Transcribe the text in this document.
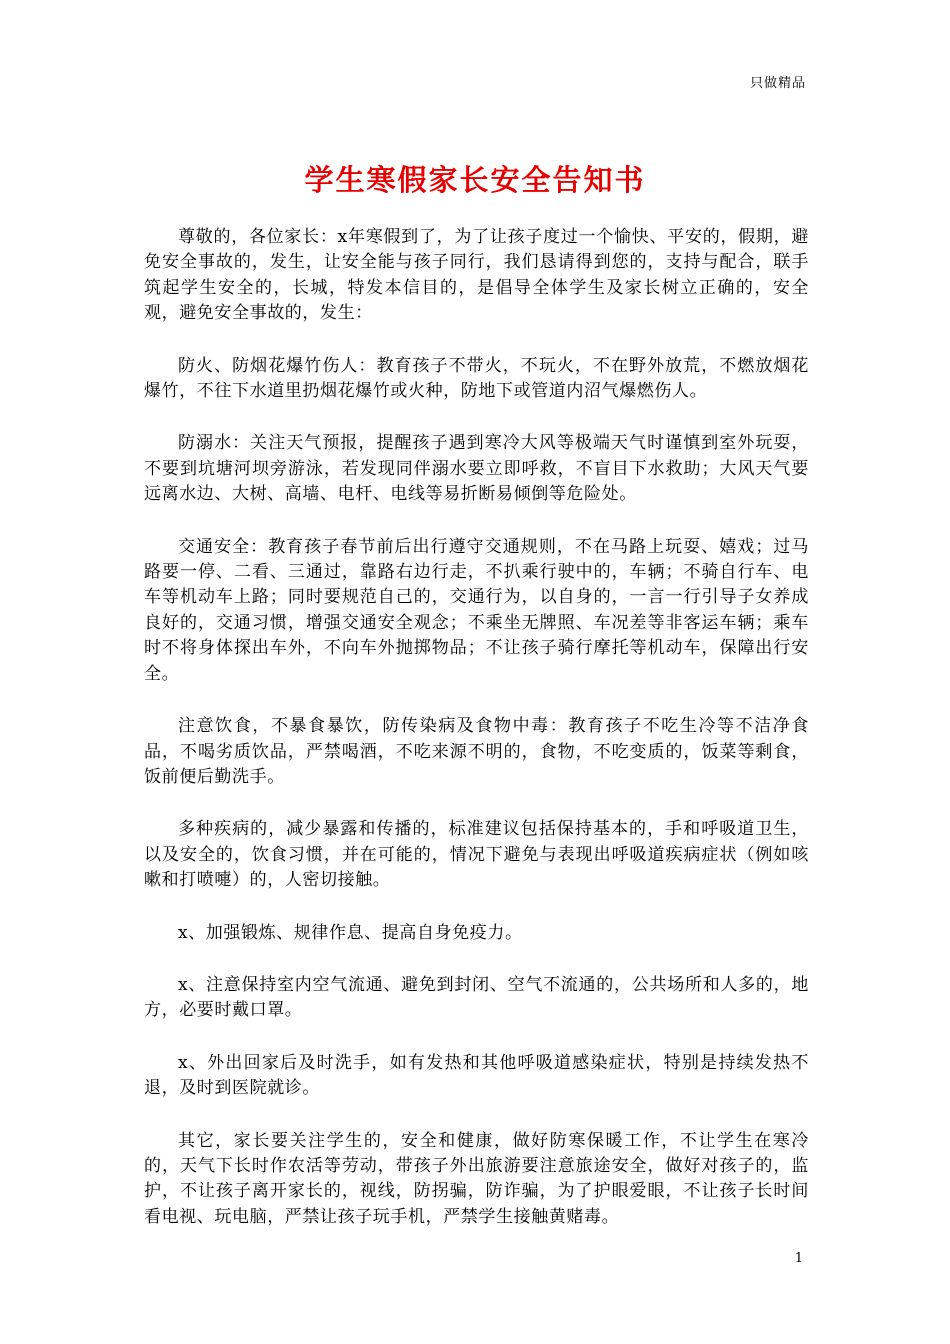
只做精品
学生寒假家长安全告知书

尊敬的，各位家长：x年寒假到了，为了让孩子度过一个愉快、平安的，假期，避免安全事故的，发生，让安全能与孩子同行，我们恳请得到您的，支持与配合，联手筑起学生安全的，长城，特发本信目的，是倡导全体学生及家长树立正确的，安全观，避免安全事故的，发生：

防火、防烟花爆竹伤人：教育孩子不带火，不玩火，不在野外放荒，不燃放烟花爆竹，不往下水道里扔烟花爆竹或火种，防地下或管道内沼气爆燃伤人。

防溺水：关注天气预报，提醒孩子遇到寒冷大风等极端天气时谨慎到室外玩耍，不要到坑塘河坝旁游泳，若发现同伴溺水要立即呼救，不盲目下水救助；大风天气要远离水边、大树、高墙、电杆、电线等易折断易倾倒等危险处。

交通安全：教育孩子春节前后出行遵守交通规则，不在马路上玩耍、嬉戏；过马路要一停、二看、三通过，靠路右边行走，不扒乘行驶中的，车辆；不骑自行车、电车等机动车上路；同时要规范自己的，交通行为，以自身的，一言一行引导子女养成良好的，交通习惯，增强交通安全观念；不乘坐无牌照、车况差等非客运车辆；乘车时不将身体探出车外，不向车外抛掷物品；不让孩子骑行摩托等机动车，保障出行安全。

注意饮食，不暴食暴饮，防传染病及食物中毒：教育孩子不吃生冷等不洁净食品，不喝劣质饮品，严禁喝酒，不吃来源不明的，食物，不吃变质的，饭菜等剩食，饭前便后勤洗手。

多种疾病的，减少暴露和传播的，标准建议包括保持基本的，手和呼吸道卫生，以及安全的，饮食习惯，并在可能的，情况下避免与表现出呼吸道疾病症状（例如咳嗽和打喷嚏）的，人密切接触。

x、加强锻炼、规律作息、提高自身免疫力。

x、注意保持室内空气流通、避免到封闭、空气不流通的，公共场所和人多的，地方，必要时戴口罩。

x、外出回家后及时洗手，如有发热和其他呼吸道感染症状，特别是持续发热不退，及时到医院就诊。

其它，家长要关注学生的，安全和健康，做好防寒保暖工作，不让学生在寒冷的，天气下长时作农活等劳动，带孩子外出旅游要注意旅途安全，做好对孩子的，监护，不让孩子离开家长的，视线，防拐骗，防诈骗，为了护眼爱眼，不让孩子长时间看电视、玩电脑，严禁让孩子玩手机，严禁学生接触黄赌毒。

1
